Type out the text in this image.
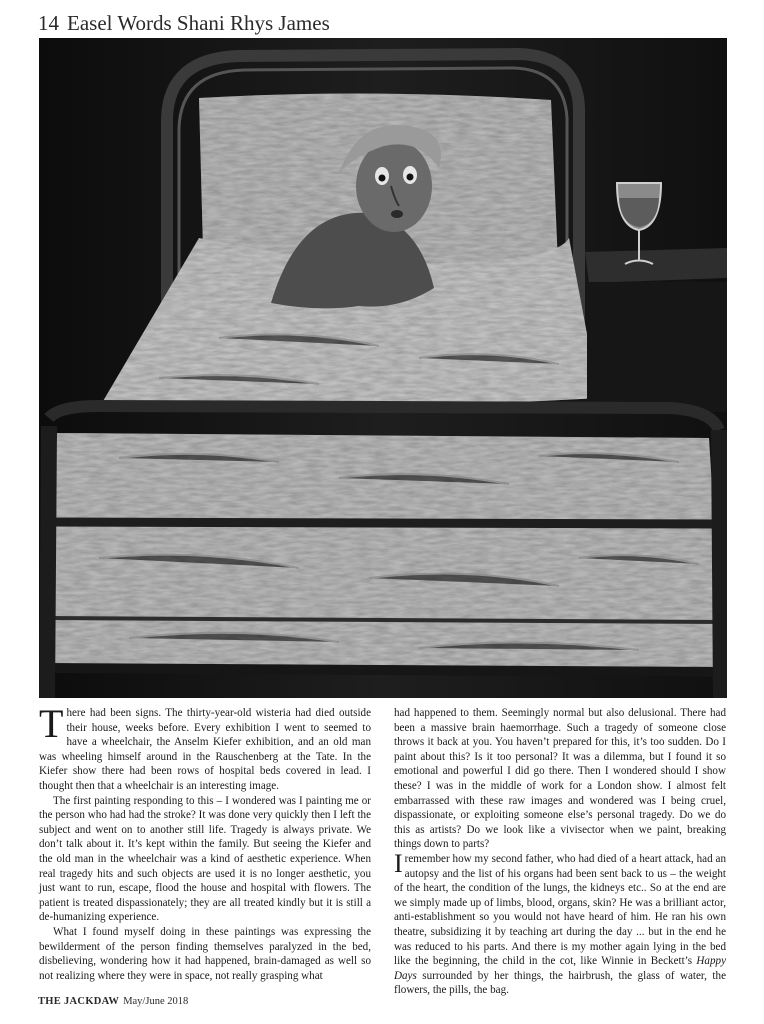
14 Easel Words Shani Rhys James

There had been signs. The thirty-year-old wisteria had died outside their house, weeks before. Every exhibition I went to seemed to have a wheelchair, the Anselm Kiefer exhibition, and an old man was wheeling himself around in the Rauschenberg at the Tate. In the Kiefer show there had been rows of hospital beds covered in lead. I thought then that a wheelchair is an interesting image.

The first painting responding to this – I wondered was I painting me or the person who had had the stroke? It was done very quickly then I left the subject and went on to another still life. Tragedy is always private. We don’t talk about it. It’s kept within the family. But seeing the Kiefer and the old man in the wheelchair was a kind of aesthetic experience. When real tragedy hits and such objects are used it is no longer aesthetic, you just want to run, escape, flood the house and hospital with flowers. The patient is treated dispassionately; they are all treated kindly but it is still a de-humanizing experience.

What I found myself doing in these paintings was expressing the bewilderment of the person finding themselves paralyzed in the bed, disbelieving, wondering how it had happened, brain-damaged as well so not realizing where they were in space, not really grasping what

had happened to them. Seemingly normal but also delusional. There had been a massive brain haemorrhage. Such a tragedy of someone close throws it back at you. You haven’t prepared for this, it’s too sudden. Do I paint about this? Is it too personal? It was a dilemma, but I found it so emotional and powerful I did go there. Then I wondered should I show these? I was in the middle of work for a London show. I almost felt embarrassed with these raw images and wondered was I being cruel, dispassionate, or exploiting someone else’s personal tragedy. Do we do this as artists? Do we look like a vivisector when we paint, breaking things down to parts?

I remember how my second father, who had died of a heart attack, had an autopsy and the list of his organs had been sent back to us – the weight of the heart, the condition of the lungs, the kidneys etc.. So at the end are we simply made up of limbs, blood, organs, skin? He was a brilliant actor, anti-establishment so you would not have heard of him. He ran his own theatre, subsidizing it by teaching art during the day ... but in the end he was reduced to his parts. And there is my mother again lying in the bed like the beginning, the child in the cot, like Winnie in Beckett’s Happy Days surrounded by her things, the hairbrush, the glass of water, the flowers, the pills, the bag.

THE JACKDAW May/June 2018
